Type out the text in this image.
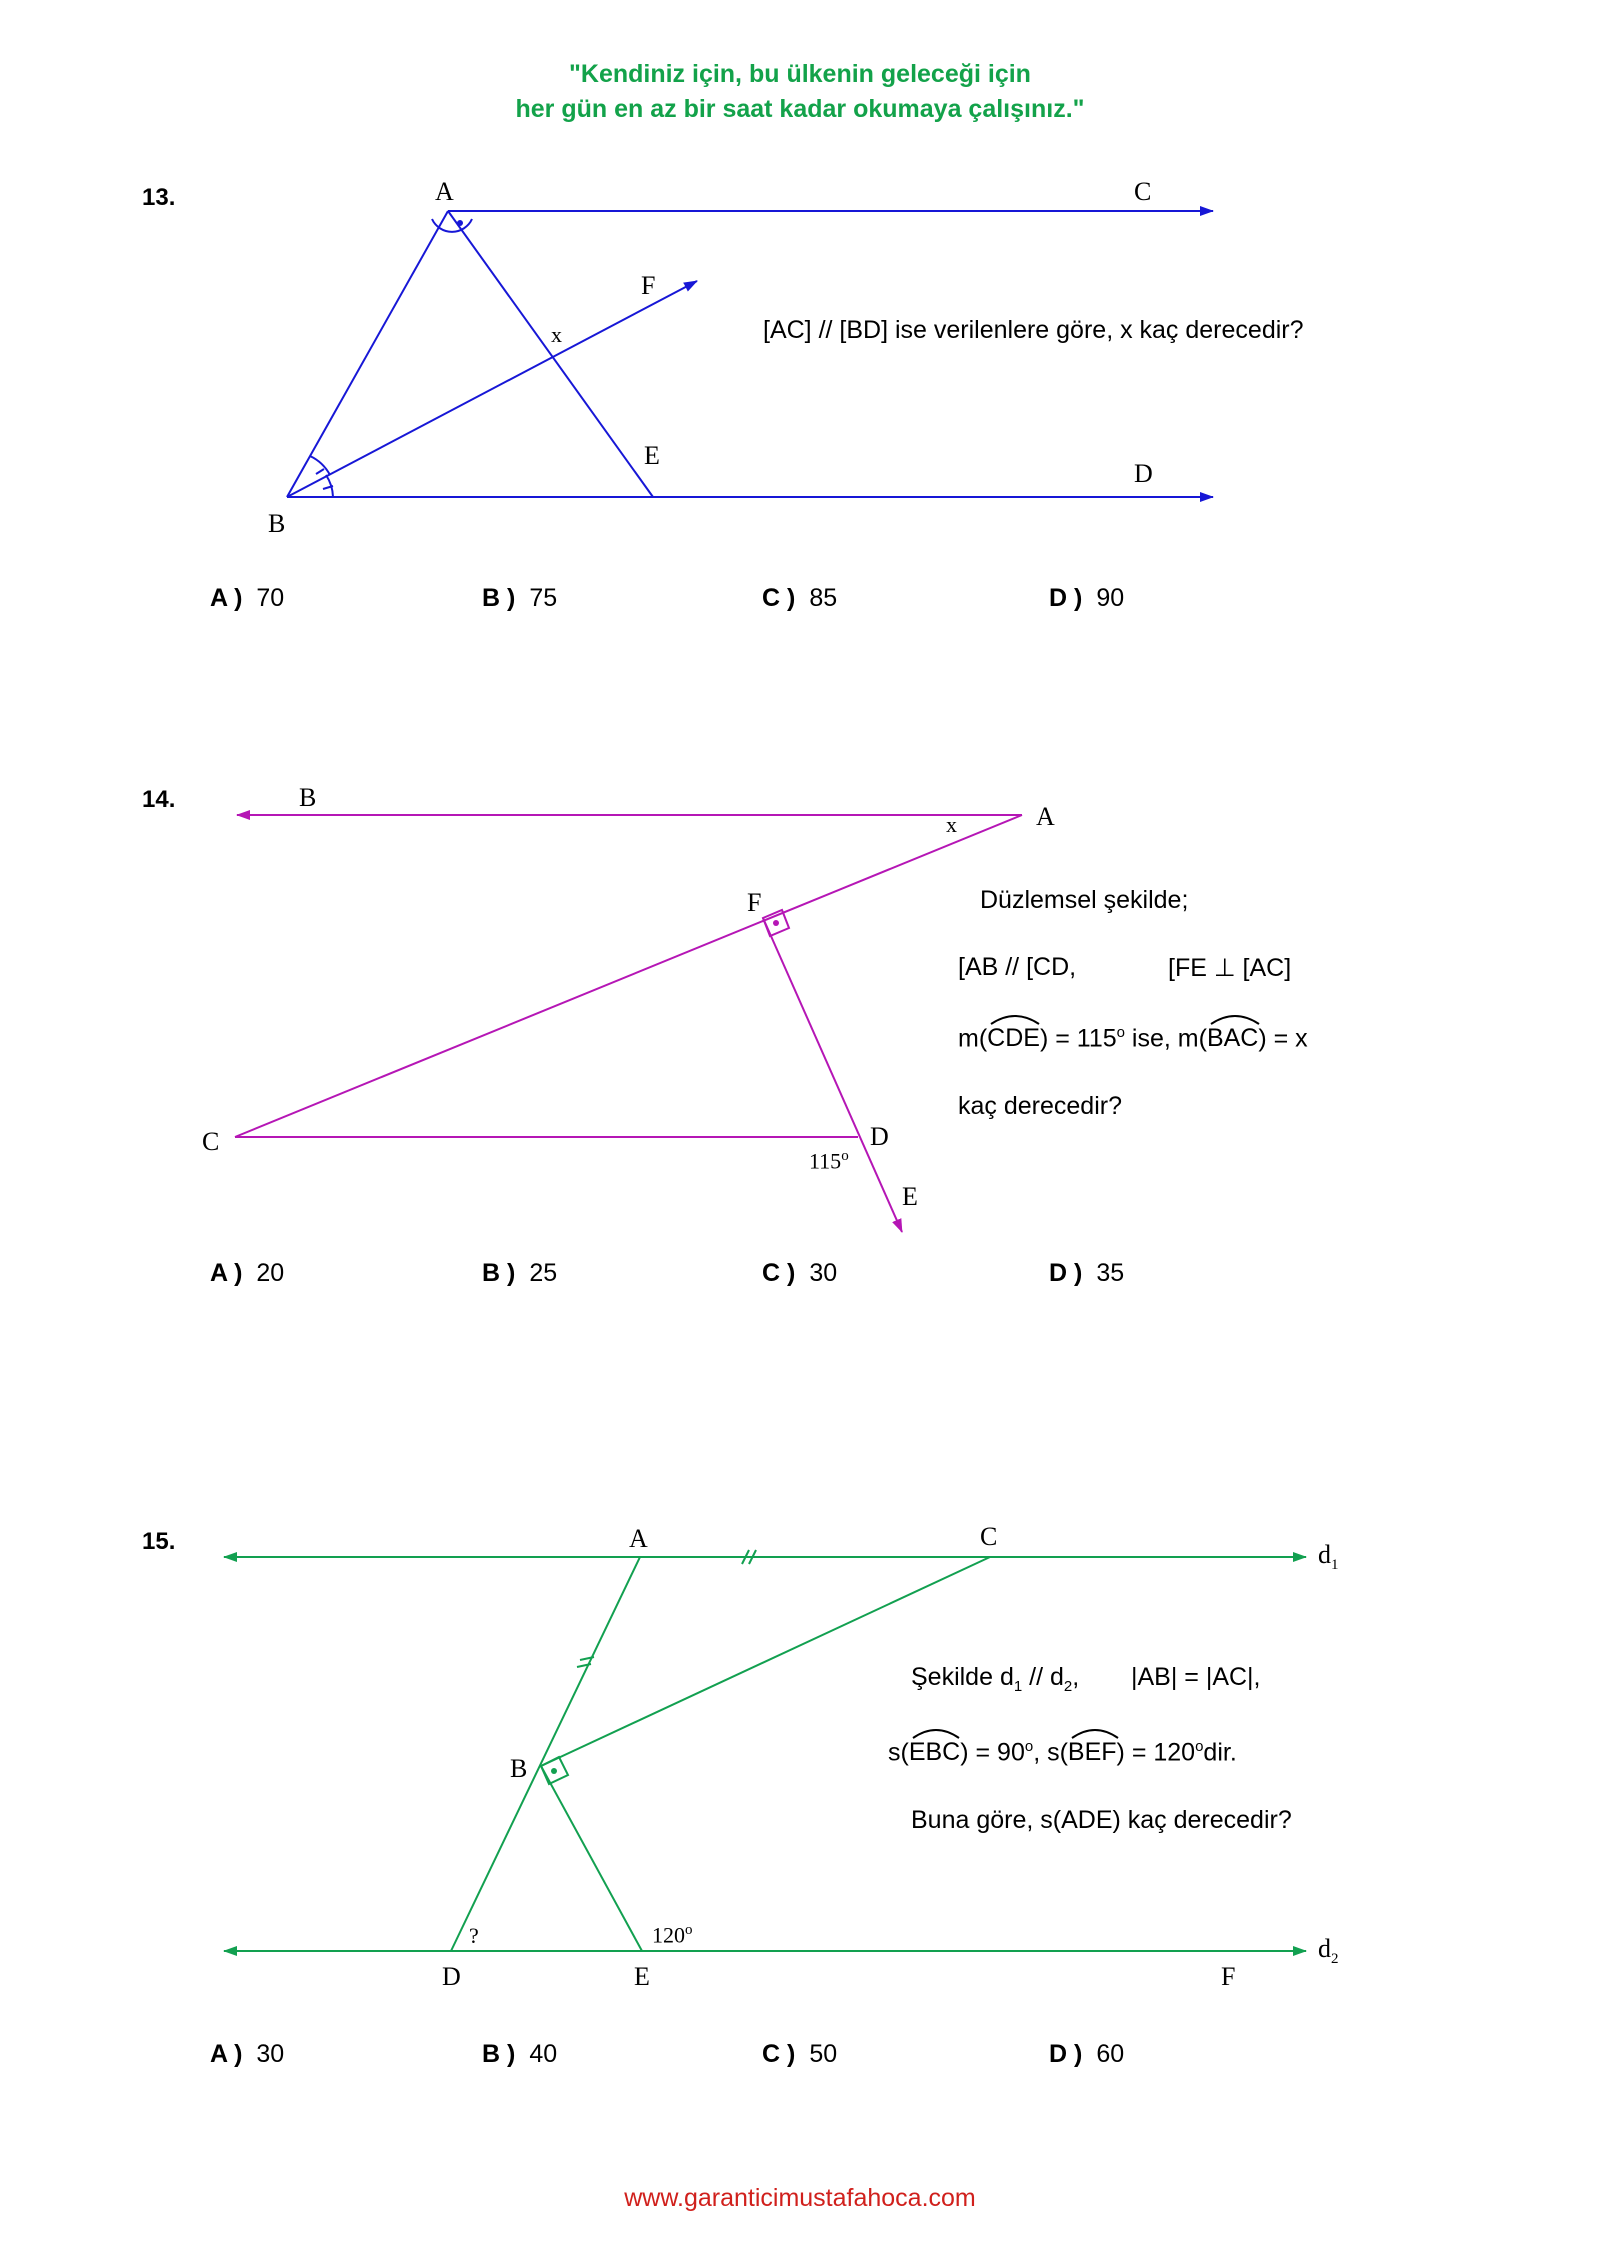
"Kendiniz için, bu ülkenin geleceği için
her gün en az bir saat kadar okumaya çalışınız."
13.	A	C
F
x
E
D
B
[AC] // [BD] ise verilenlere göre, x kaç derecedir?
A ) 70	B ) 75	C ) 85	D ) 90
14.	B
A
x
F
C	D
115$^o$
E
Düzlemsel şekilde;
[AB // [CD,	[FE ⊥ [AC]
m(
$CDE) = 115^o$ ise, m(
BAC) = x
kaç derecedir?
A ) 20	B ) 25	C ) 30	D ) 35
15.	A	C
$d_1$
B
?	120$^o$
$d_2$
D	E	F
Şekilde $d_1 // d_2$, |AB| = |AC|,
s(
$EBC) = 90^o$, s(
$BEF) = 120^odir$.
Buna göre, s(ADE) kaç derecedir?
A ) 30	B ) 40	C ) 50	D ) 60
www.garanticimustafahoca.com
